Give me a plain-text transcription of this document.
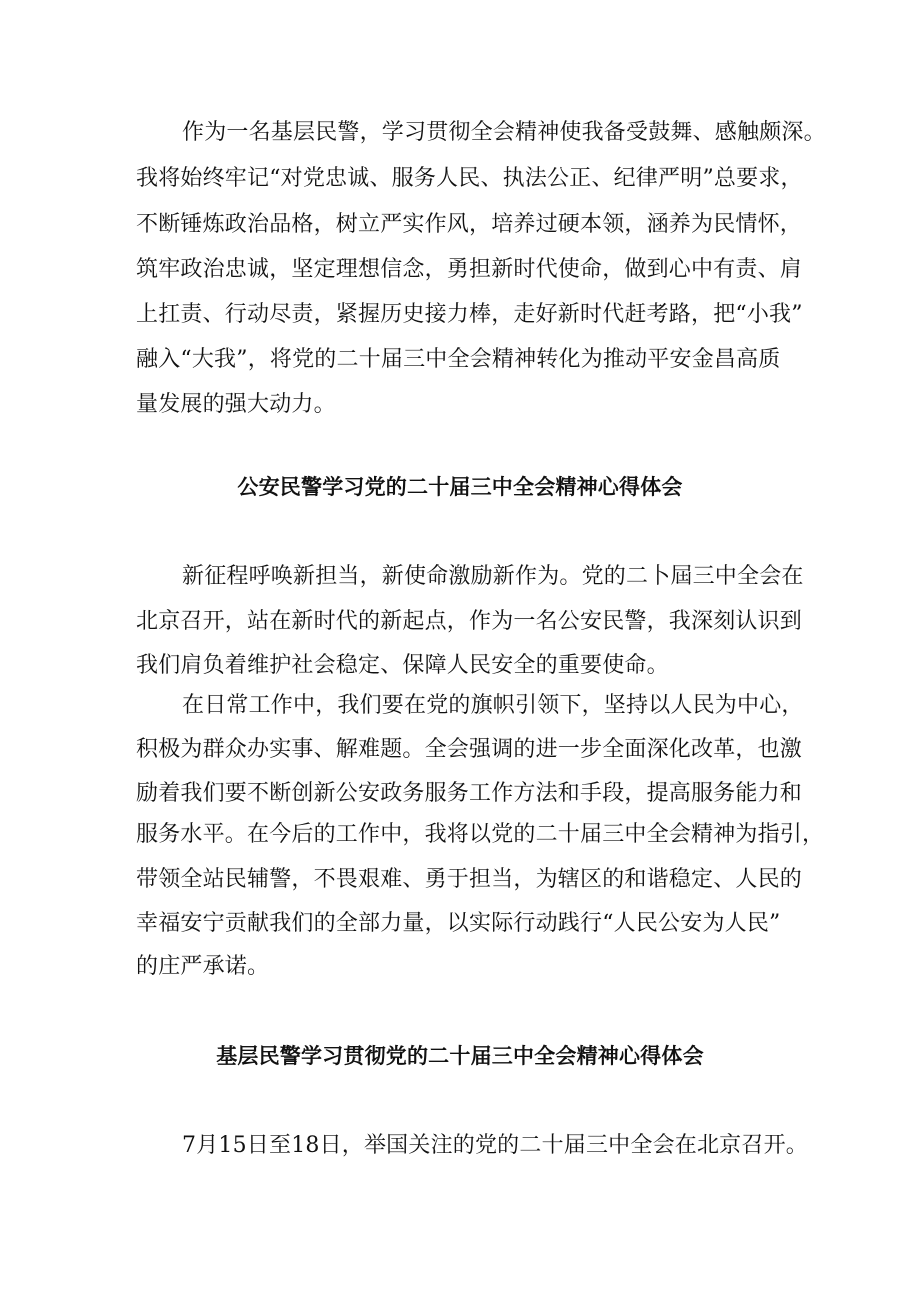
作为一名基层民警，学习贯彻全会精神使我备受鼓舞、感触颇深。
我将始终牢记“对党忠诚、服务人民、执法公正、纪律严明”总要求，
不断锤炼政治品格，树立严实作风，培养过硬本领，涵养为民情怀，
筑牢政治忠诚，坚定理想信念，勇担新时代使命，做到心中有责、肩
上扛责、行动尽责，紧握历史接力棒，走好新时代赶考路，把“小我”
融入“大我”，将党的二十届三中全会精神转化为推动平安金昌高质
量发展的强大动力。
公安民警学习党的二十届三中全会精神心得体会
新征程呼唤新担当，新使命激励新作为。党的二卜屆三中全会在
北京召开，站在新时代的新起点，作为一名公安民警，我深刻认识到
我们肩负着维护社会稳定、保障人民安全的重要使命。
在日常工作中，我们要在党的旗帜引领下，坚持以人民为中心，
积极为群众办实事、解难题。全会强调的进一步全面深化改革，也激
励着我们要不断创新公安政务服务工作方法和手段，提高服务能力和
服务水平。在今后的工作中，我将以党的二十届三中全会精神为指引，
带领全站民辅警，不畏艰难、勇于担当，为辖区的和谐稳定、人民的
幸福安宁贡献我们的全部力量，以实际行动践行“人民公安为人民”
的庄严承诺。
基层民警学习贯彻党的二十届三中全会精神心得体会
7月15日至18日，举国关注的党的二十届三中全会在北京召开。
